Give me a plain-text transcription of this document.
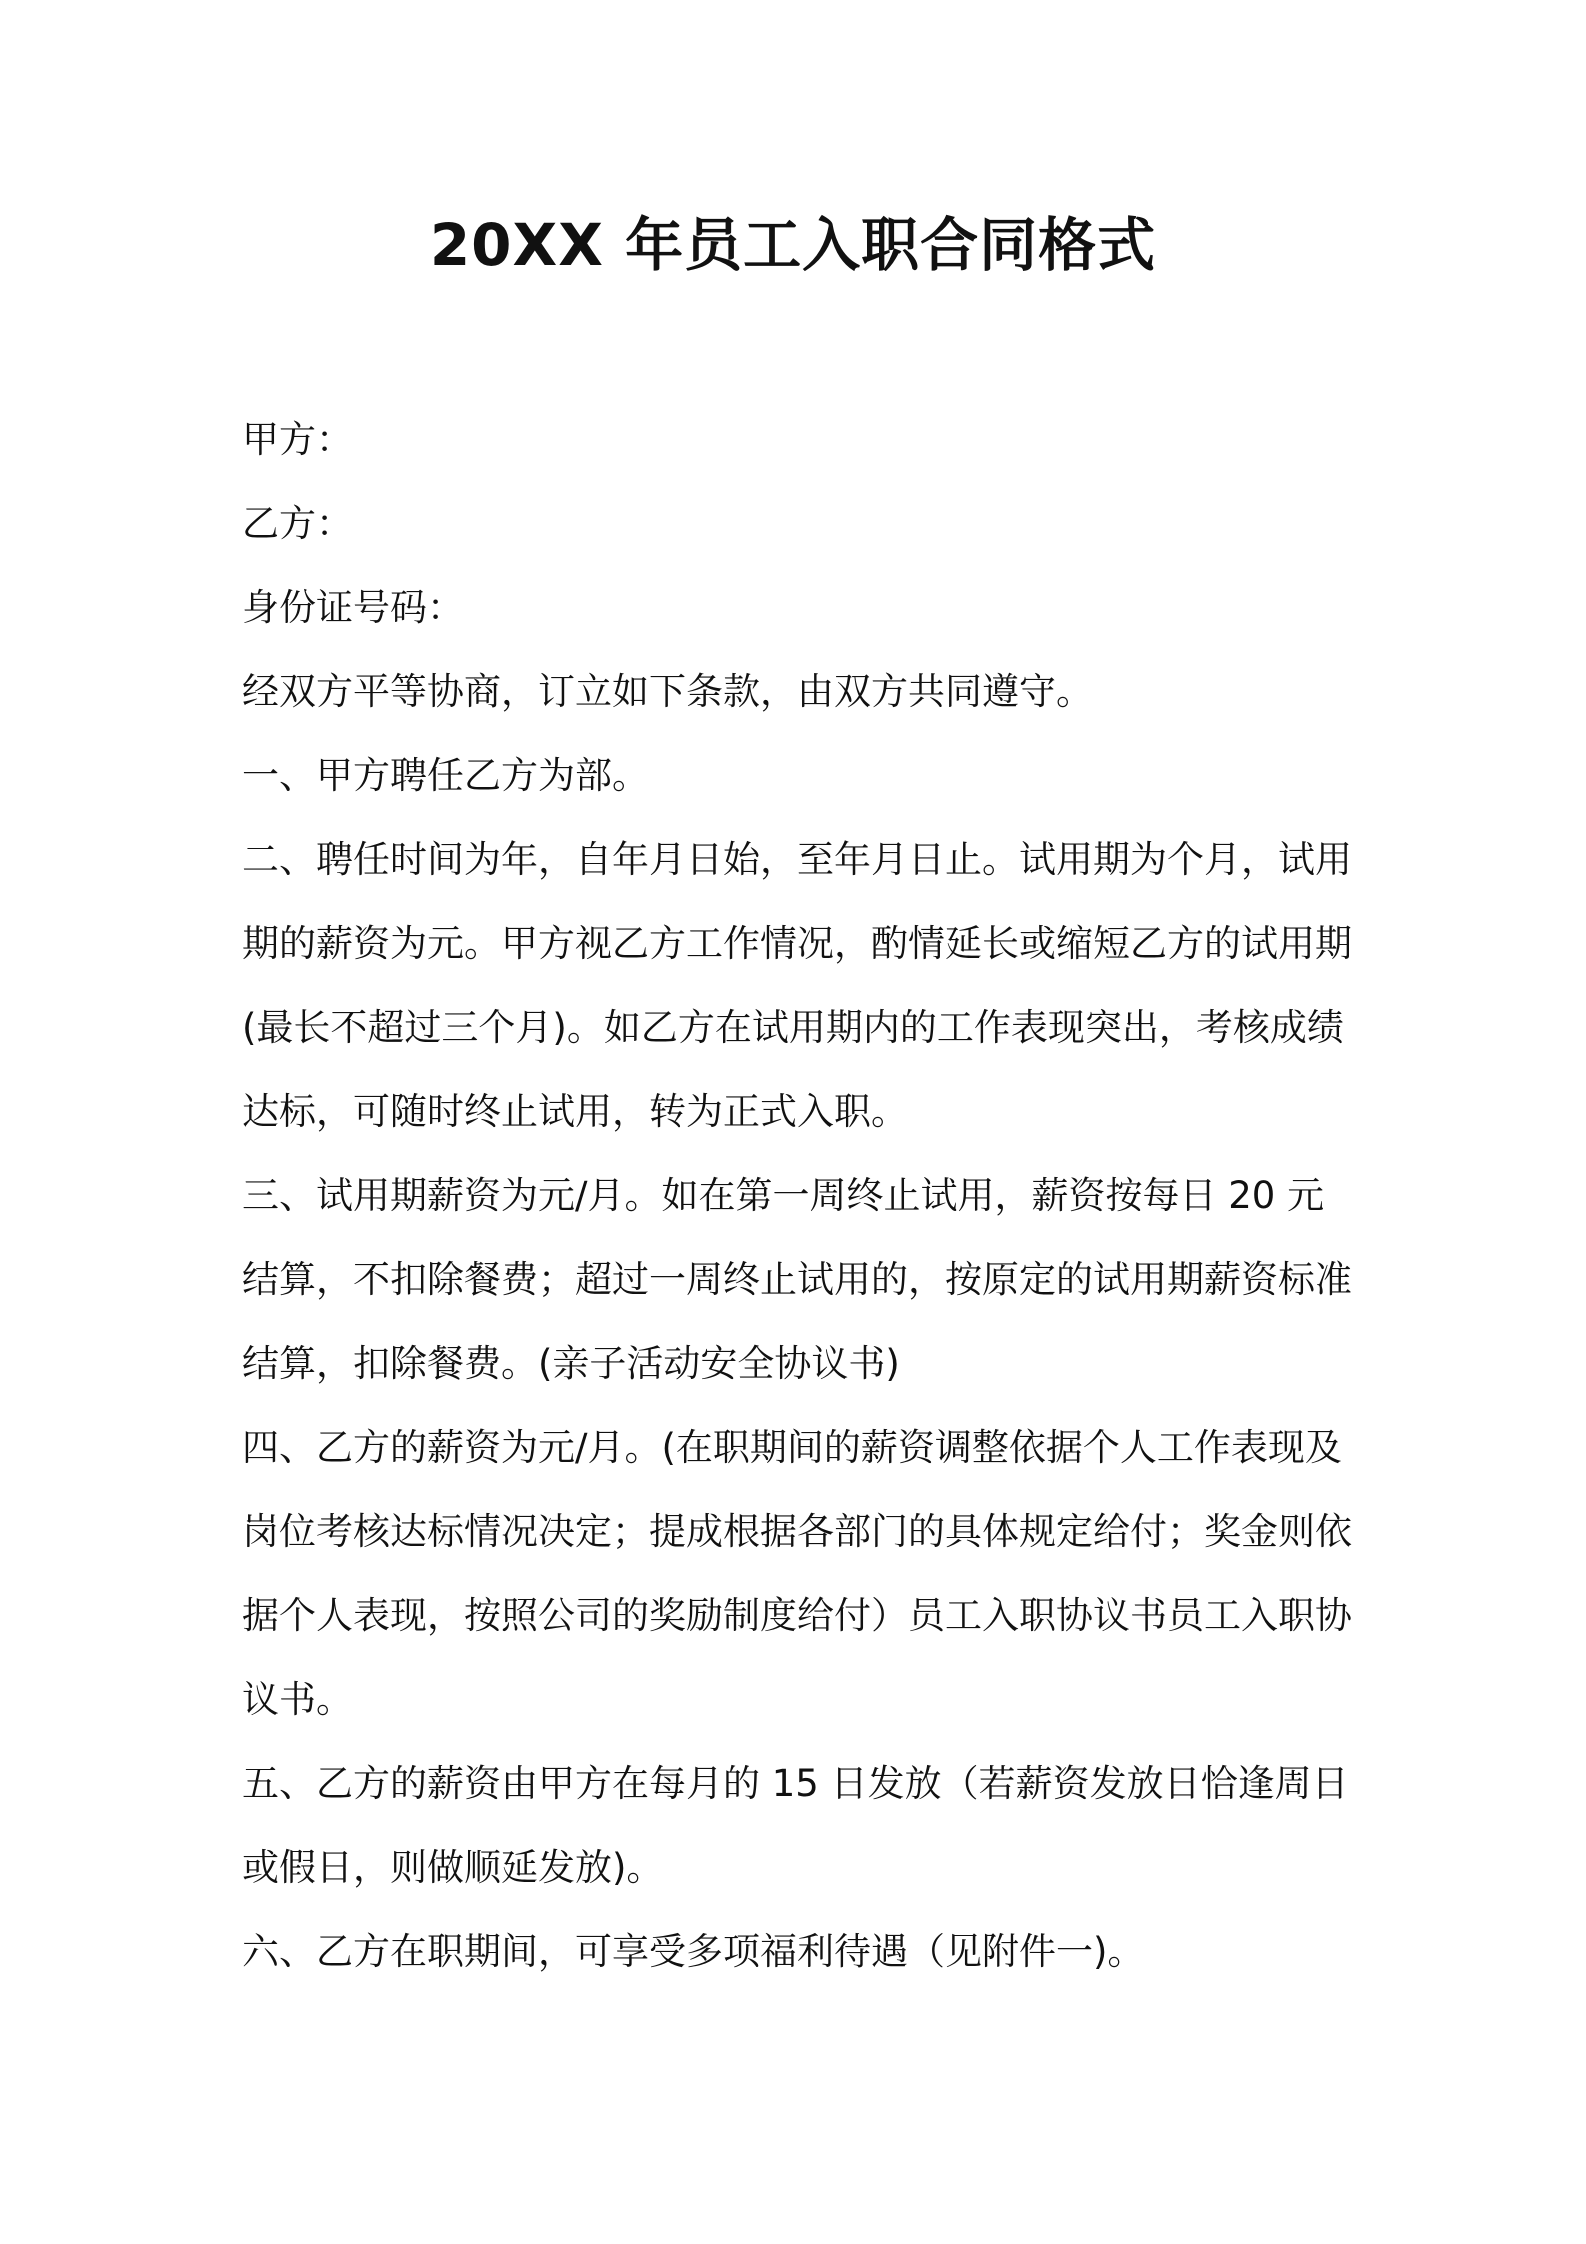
20XX 年员工入职合同格式

甲方：

乙方：

身份证号码：

经双方平等协商，订立如下条款，由双方共同遵守。

一、甲方聘任乙方为部。

二、聘任时间为年，自年月日始，至年月日止。试用期为个月，试用期的薪资为元。甲方视乙方工作情况，酌情延长或缩短乙方的试用期(最长不超过三个月)。如乙方在试用期内的工作表现突出，考核成绩达标，可随时终止试用，转为正式入职。

三、试用期薪资为元/月。如在第一周终止试用，薪资按每日 20 元结算，不扣除餐费；超过一周终止试用的，按原定的试用期薪资标准结算，扣除餐费。(亲子活动安全协议书)

四、乙方的薪资为元/月。(在职期间的薪资调整依据个人工作表现及岗位考核达标情况决定；提成根据各部门的具体规定给付；奖金则依据个人表现，按照公司的奖励制度给付）员工入职协议书员工入职协议书。

五、乙方的薪资由甲方在每月的 15 日发放（若薪资发放日恰逢周日或假日，则做顺延发放)。

六、乙方在职期间，可享受多项福利待遇（见附件一)。
